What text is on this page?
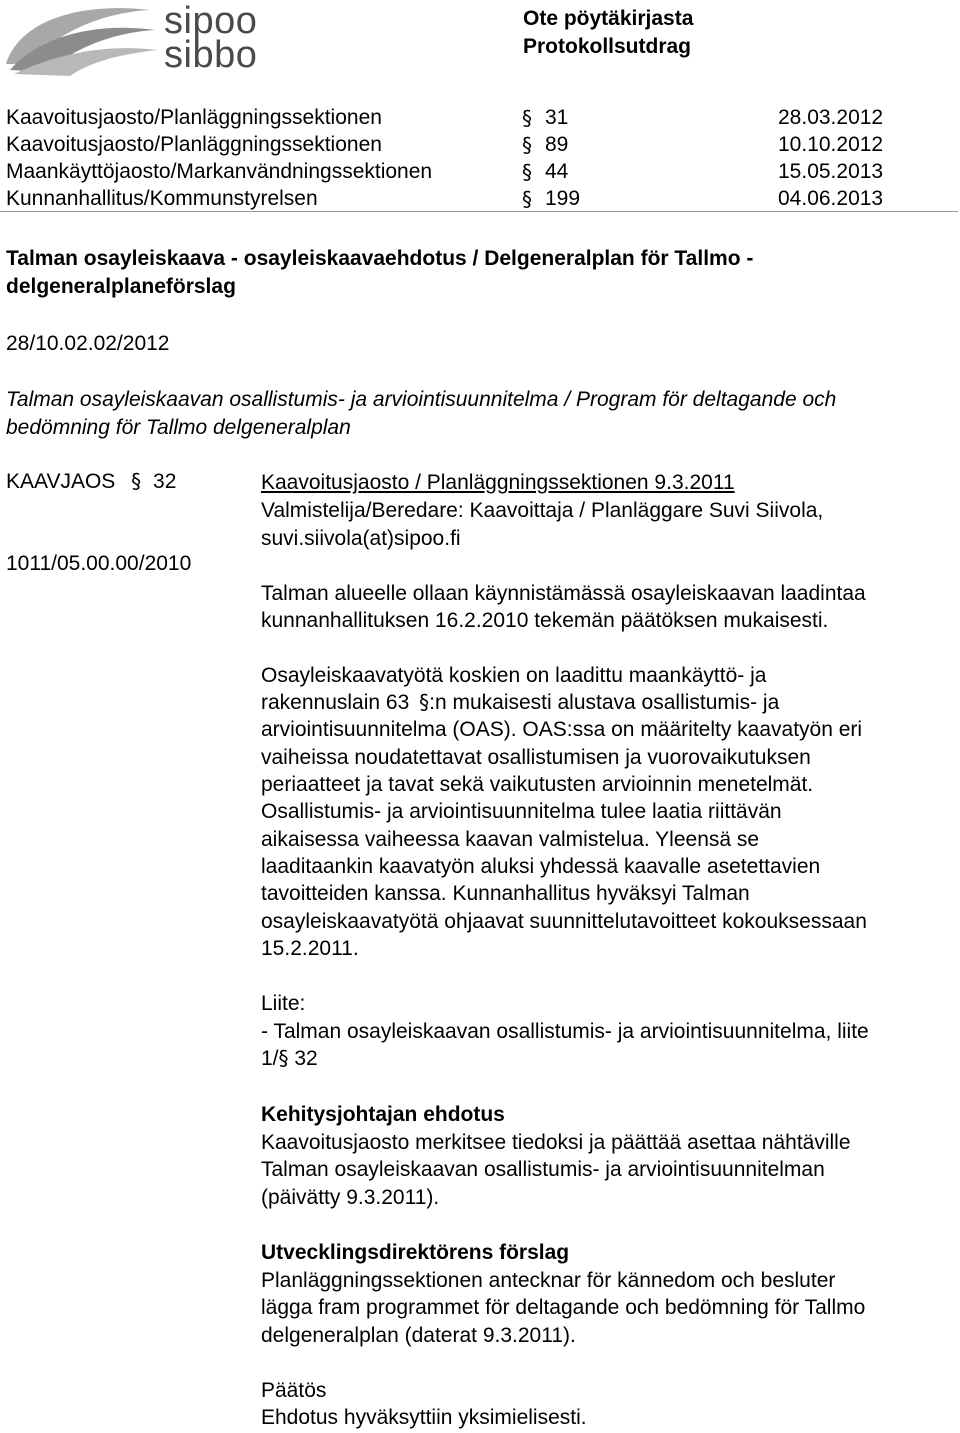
sipoo
sibbo
Ote pöytäkirjasta
Protokollsutdrag
Kaavoitusjaosto/Planläggningssektionen	§ 31	28.03.2012
Kaavoitusjaosto/Planläggningssektionen	§ 89	10.10.2012
Maankäyttöjaosto/Markanvändningssektionen	§ 44	15.05.2013
Kunnanhallitus/Kommunstyrelsen	§ 199	04.06.2013
Talman osayleiskaava - osayleiskaavaehdotus / Delgeneralplan för Tallmo -
delgeneralplaneförslag
28/10.02.02/2012
Talman osayleiskaavan osallistumis- ja arviointisuunnitelma / Program för deltagande och
bedömning för Tallmo delgeneralplan
KAAVJAOS § 32
1011/05.00.00/2010
Kaavoitusjaosto / Planläggningssektionen 9.3.2011
Valmistelija/Beredare: Kaavoittaja / Planläggare Suvi Siivola,
suvi.siivola(at)sipoo.fi
Talman alueelle ollaan käynnistämässä osayleiskaavan laadintaa
kunnanhallituksen 16.2.2010 tekemän päätöksen mukaisesti.
Osayleiskaavatyötä koskien on laadittu maankäyttö- ja
rakennuslain 63 §:n mukaisesti alustava osallistumis- ja
arviointisuunnitelma (OAS). OAS:ssa on määritelty kaavatyön eri
vaiheissa noudatettavat osallistumisen ja vuorovaikutuksen
periaatteet ja tavat sekä vaikutusten arvioinnin menetelmät.
Osallistumis- ja arviointisuunnitelma tulee laatia riittävän
aikaisessa vaiheessa kaavan valmistelua. Yleensä se
laaditaankin kaavatyön aluksi yhdessä kaavalle asetettavien
tavoitteiden kanssa. Kunnanhallitus hyväksyi Talman
osayleiskaavatyötä ohjaavat suunnittelutavoitteet kokouksessaan
15.2.2011.
Liite:
- Talman osayleiskaavan osallistumis- ja arviointisuunnitelma, liite
1/§ 32
Kehitysjohtajan ehdotus
Kaavoitusjaosto merkitsee tiedoksi ja päättää asettaa nähtäville
Talman osayleiskaavan osallistumis- ja arviointisuunnitelman
(päivätty 9.3.2011).
Utvecklingsdirektörens förslag
Planläggningssektionen antecknar för kännedom och besluter
lägga fram programmet för deltagande och bedömning för Tallmo
delgeneralplan (daterat 9.3.2011).
Päätös
Ehdotus hyväksyttiin yksimielisesti.
